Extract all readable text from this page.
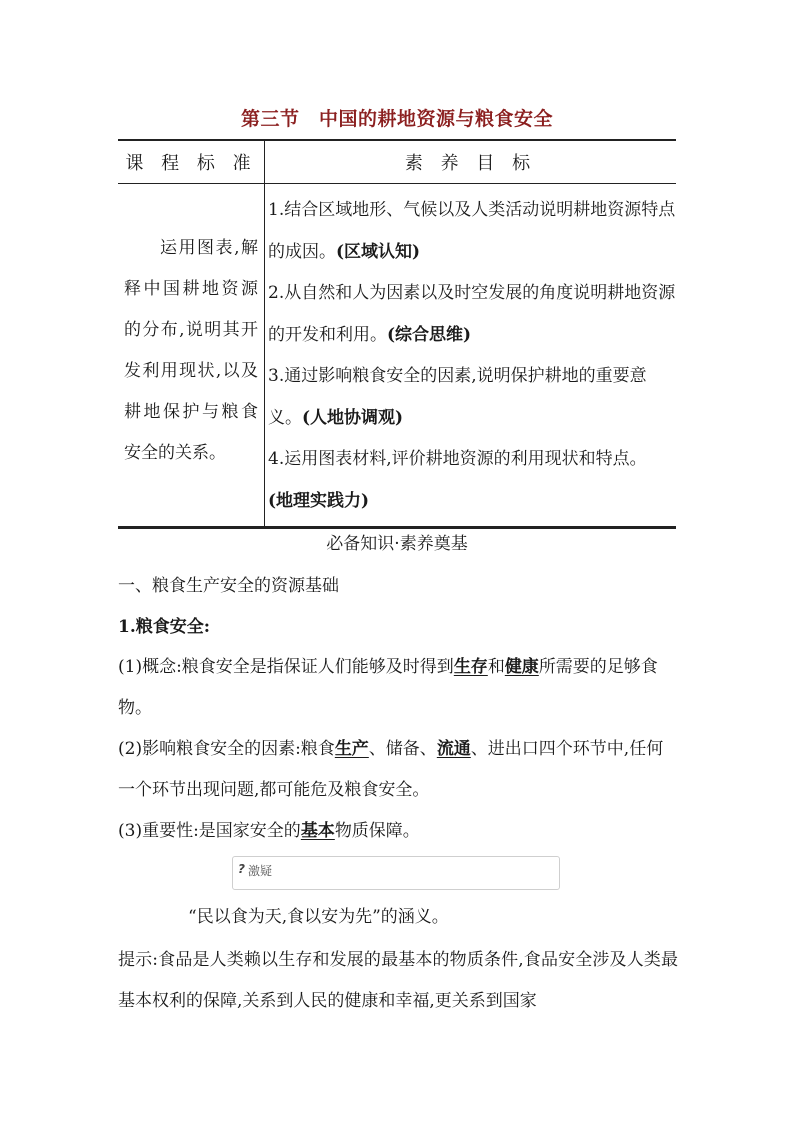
第三节　中国的耕地资源与粮食安全
课 程 标 准	素 养 目 标

运用图表,解释中国耕地资源的分布,说明其开发利用现状,以及耕地保护与粮食安全的关系。	1.结合区域地形、气候以及人类活动说明耕地资源特点的成因。(区域认知)
2.从自然和人为因素以及时空发展的角度说明耕地资源的开发和利用。(综合思维)
3.通过影响粮食安全的因素,说明保护耕地的重要意义。(人地协调观)
4.运用图表材料,评价耕地资源的利用现状和特点。
(地理实践力)
必备知识·素养奠基
一、粮食生产安全的资源基础
1.粮食安全:
(1)概念:粮食安全是指保证人们能够及时得到生存和健康所需要的足够食物。
(2)影响粮食安全的因素:粮食生产、储备、流通、进出口四个环节中,任何一个环节出现问题,都可能危及粮食安全。
(3)重要性:是国家安全的基本物质保障。
? 激疑
“民以食为天,食以安为先”的涵义。
提示:食品是人类赖以生存和发展的最基本的物质条件,食品安全涉及人类最基本权利的保障,关系到人民的健康和幸福,更关系到国家
